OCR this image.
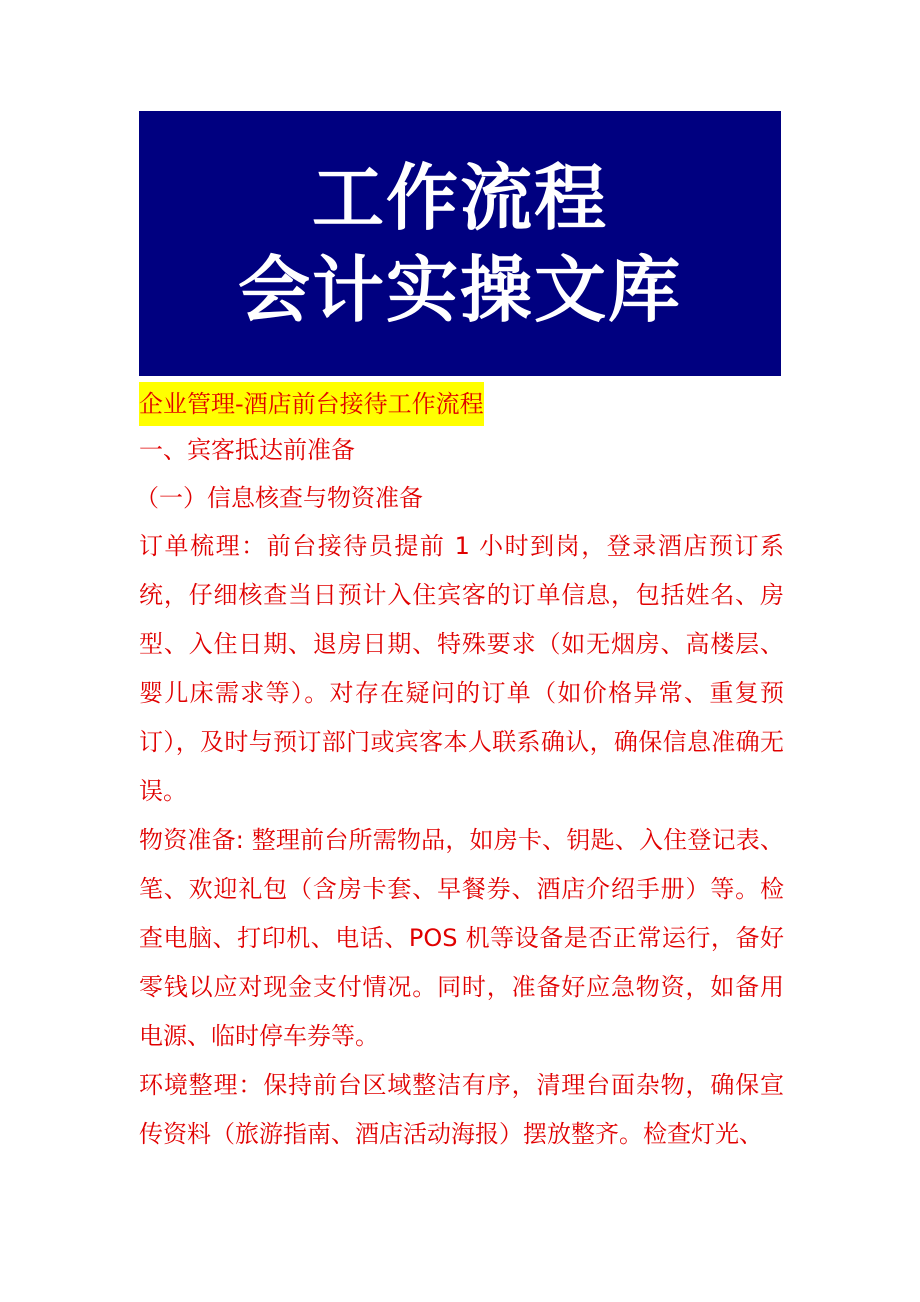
工作流程
会计实操文库
企业管理-酒店前台接待工作流程
一、宾客抵达前准备
（一）信息核查与物资准备

订单梳理：前台接待员提前 1 小时到岗，登录酒店预订系统，仔细核查当日预计入住宾客的订单信息，包括姓名、房型、入住日期、退房日期、特殊要求（如无烟房、高楼层、婴儿床需求等）。对存在疑问的订单（如价格异常、重复预订），及时与预订部门或宾客本人联系确认，确保信息准确无误。

物资准备: 整理前台所需物品，如房卡、钥匙、入住登记表、笔、欢迎礼包（含房卡套、早餐券、酒店介绍手册）等。检查电脑、打印机、电话、POS 机等设备是否正常运行，备好零钱以应对现金支付情况。同时，准备好应急物资，如备用电源、临时停车券等。

环境整理：保持前台区域整洁有序，清理台面杂物，确保宣传资料（旅游指南、酒店活动海报）摆放整齐。检查灯光、
